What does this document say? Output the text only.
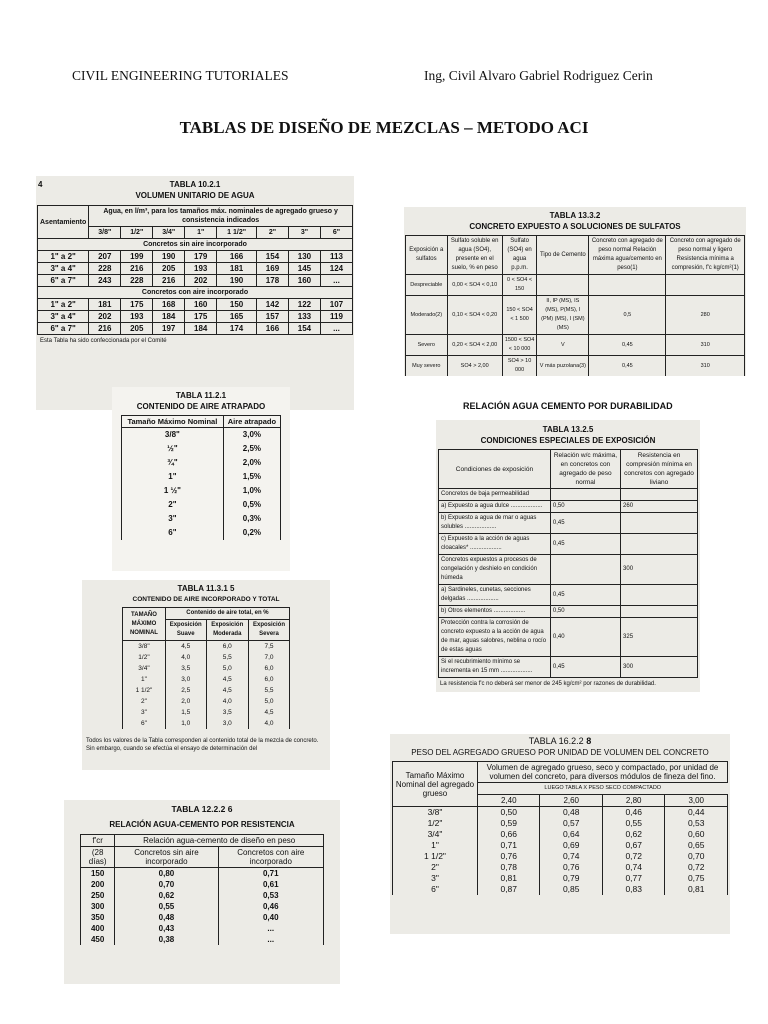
CIVIL ENGINEERING TUTORIALES	Ing, Civil Alvaro Gabriel Rodriguez Cerin
TABLAS DE DISEÑO DE MEZCLAS – METODO ACI
4	TABLA 10.2.1
VOLUMEN UNITARIO DE AGUA
Asentamiento	Agua, en l/m³, para los tamaños máx. nominales de agregado grueso y consistencia indicados							
	3/8"	1/2"	3/4"	1"	1 1/2"	2"	3"	6"
Concretos sin aire incorporado								
1" a 2"	207	199	190	179	166	154	130	113
3" a 4"	228	216	205	193	181	169	145	124
6" a 7"	243	228	216	202	190	178	160	...
Concretos con aire incorporado								
1" a 2"	181	175	168	160	150	142	122	107
3" a 4"	202	193	184	175	165	157	133	119
6" a 7"	216	205	197	184	174	166	154	...
Esta Tabla ha sido confeccionada por el Comité
TABLA 13.3.2
CONCRETO EXPUESTO A SOLUCIONES DE SULFATOS
Exposición a sulfatos	Sulfato soluble en agua (SO4), presente en el suelo, % en peso	Sulfato (SO4) en agua p.p.m.	Tipo de Cemento	Concreto con agregado de peso normal Relación máxima agua/cemento en peso(1)	Concreto con agregado de peso normal y ligero Resistencia mínima a compresión, f'c kg/cm²(1)
Despreciable	0,00 < SO4 < 0,10	0 < SO4 < 150			
Moderado(2)	0,10 < SO4 < 0,20	150 < SO4 < 1 500	II, IP (MS), IS (MS), P(MS), I (PM) (MS), I (SM)(MS)	0,5	280
Severo	0,20 < SO4 < 2,00	1500 < SO4 < 10 000	V	0,45	310
Muy severo	SO4 > 2,00	SO4 > 10 000	V más puzolana(3)	0,45	310
TABLA 11.2.1
CONTENIDO DE AIRE ATRAPADO
Tamaño Máximo Nominal	Aire atrapado
3/8"	3,0%
½"	2,5%
¾"	2,0%
1"	1,5%
1 ½"	1,0%
2"	0,5%
3"	0,3%
6"	0,2%
RELACIÓN AGUA CEMENTO POR DURABILIDAD
TABLA 13.2.5
CONDICIONES ESPECIALES DE EXPOSICIÓN
Condiciones de exposición	Relación w/c máxima, en concretos con agregado de peso normal	Resistencia en compresión mínima en concretos con agregado liviano
Concretos de baja permeabilidad		
a) Expuesto a agua dulce ...................	0,50	260
b) Expuesto a agua de mar o aguas solubles ...................	0,45	
c) Expuesto a la acción de aguas cloacales* ...................	0,45	
Concretos expuestos a procesos de congelación y deshielo en condición húmeda		300
a) Sardineles, cunetas, secciones delgadas ...................	0,45	
b) Otros elementos ...................	0,50	
Protección contra la corrosión de concreto expuesto a la acción de agua de mar, aguas salobres, neblina o rocío de estas aguas	0,40	325
Si el recubrimiento mínimo se incrementa en 15 mm ...................	0,45	300
La resistencia f'c no deberá ser menor de 245 kg/cm² por razones de durabilidad.
TABLA 11.3.1 5
CONTENIDO DE AIRE INCORPORADO Y TOTAL
TAMAÑO MÁXIMO NOMINAL	Contenido de aire total, en %		
	Exposición Suave	Exposición Moderada	Exposición Severa
3/8"	4,5	6,0	7,5
1/2"	4,0	5,5	7,0
3/4"	3,5	5,0	6,0
1"	3,0	4,5	6,0
1 1/2"	2,5	4,5	5,5
2"	2,0	4,0	5,0
3"	1,5	3,5	4,5
6"	1,0	3,0	4,0
Todos los valores de la Tabla corresponden al contenido total de la mezcla de concreto. Sin embargo, cuando se efectúa el ensayo de determinación del
TABLA 16.2.2 8
PESO DEL AGREGADO GRUESO POR UNIDAD DE VOLUMEN DEL CONCRETO
Tamaño Máximo Nominal del agregado grueso	Volumen de agregado grueso, seco y compactado, por unidad de volumen del concreto, para diversos módulos de fineza del fino.			
	LUEGO TABLA X PESO SECO COMPACTADO			
	2,40	2,60	2,80	3,00
3/8"	0,50	0,48	0,46	0,44
1/2"	0,59	0,57	0,55	0,53
3/4"	0,66	0,64	0,62	0,60
1"	0,71	0,69	0,67	0,65
1 1/2"	0,76	0,74	0,72	0,70
2"	0,78	0,76	0,74	0,72
3"	0,81	0,79	0,77	0,75
6"	0,87	0,85	0,83	0,81
TABLA 12.2.2 6
RELACIÓN AGUA-CEMENTO POR RESISTENCIA
f'cr	Relación agua-cemento de diseño en peso	
(28 días)	Concretos sin aire incorporado	Concretos con aire incorporado
150	0,80	0,71
200	0,70	0,61
250	0,62	0,53
300	0,55	0,46
350	0,48	0,40
400	0,43	...
450	0,38	...
